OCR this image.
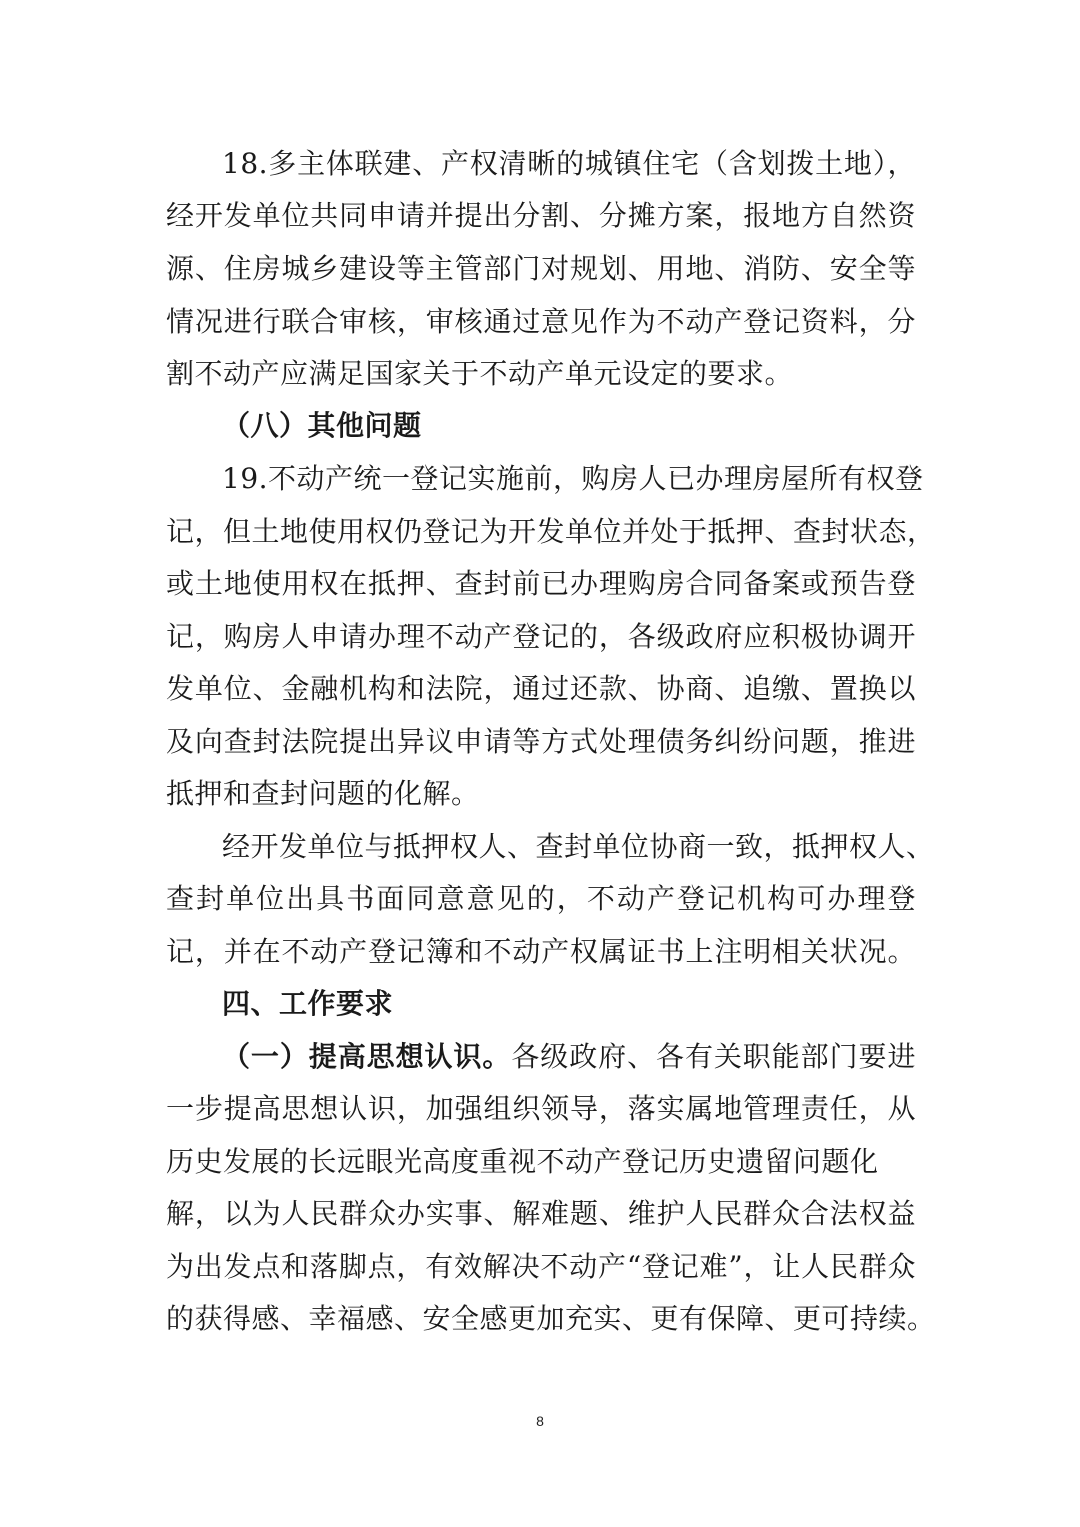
18.多主体联建、产权清晰的城镇住宅（含划拨土地），
经开发单位共同申请并提出分割、分摊方案，报地方自然资
源、住房城乡建设等主管部门对规划、用地、消防、安全等
情况进行联合审核，审核通过意见作为不动产登记资料，分
割不动产应满足国家关于不动产单元设定的要求。
（八）其他问题
19.不动产统一登记实施前，购房人已办理房屋所有权登
记，但土地使用权仍登记为开发单位并处于抵押、查封状态，
或土地使用权在抵押、查封前已办理购房合同备案或预告登
记，购房人申请办理不动产登记的，各级政府应积极协调开
发单位、金融机构和法院，通过还款、协商、追缴、置换以
及向查封法院提出异议申请等方式处理债务纠纷问题，推进
抵押和查封问题的化解。
经开发单位与抵押权人、查封单位协商一致，抵押权人、
查封单位出具书面同意意见的，不动产登记机构可办理登
记，并在不动产登记簿和不动产权属证书上注明相关状况。
四、工作要求
（一）提高思想认识。各级政府、各有关职能部门要进
一步提高思想认识，加强组织领导，落实属地管理责任，从
历史发展的长远眼光高度重视不动产登记历史遗留问题化
解，以为人民群众办实事、解难题、维护人民群众合法权益
为出发点和落脚点，有效解决不动产“登记难”，让人民群众
的获得感、幸福感、安全感更加充实、更有保障、更可持续。
8
